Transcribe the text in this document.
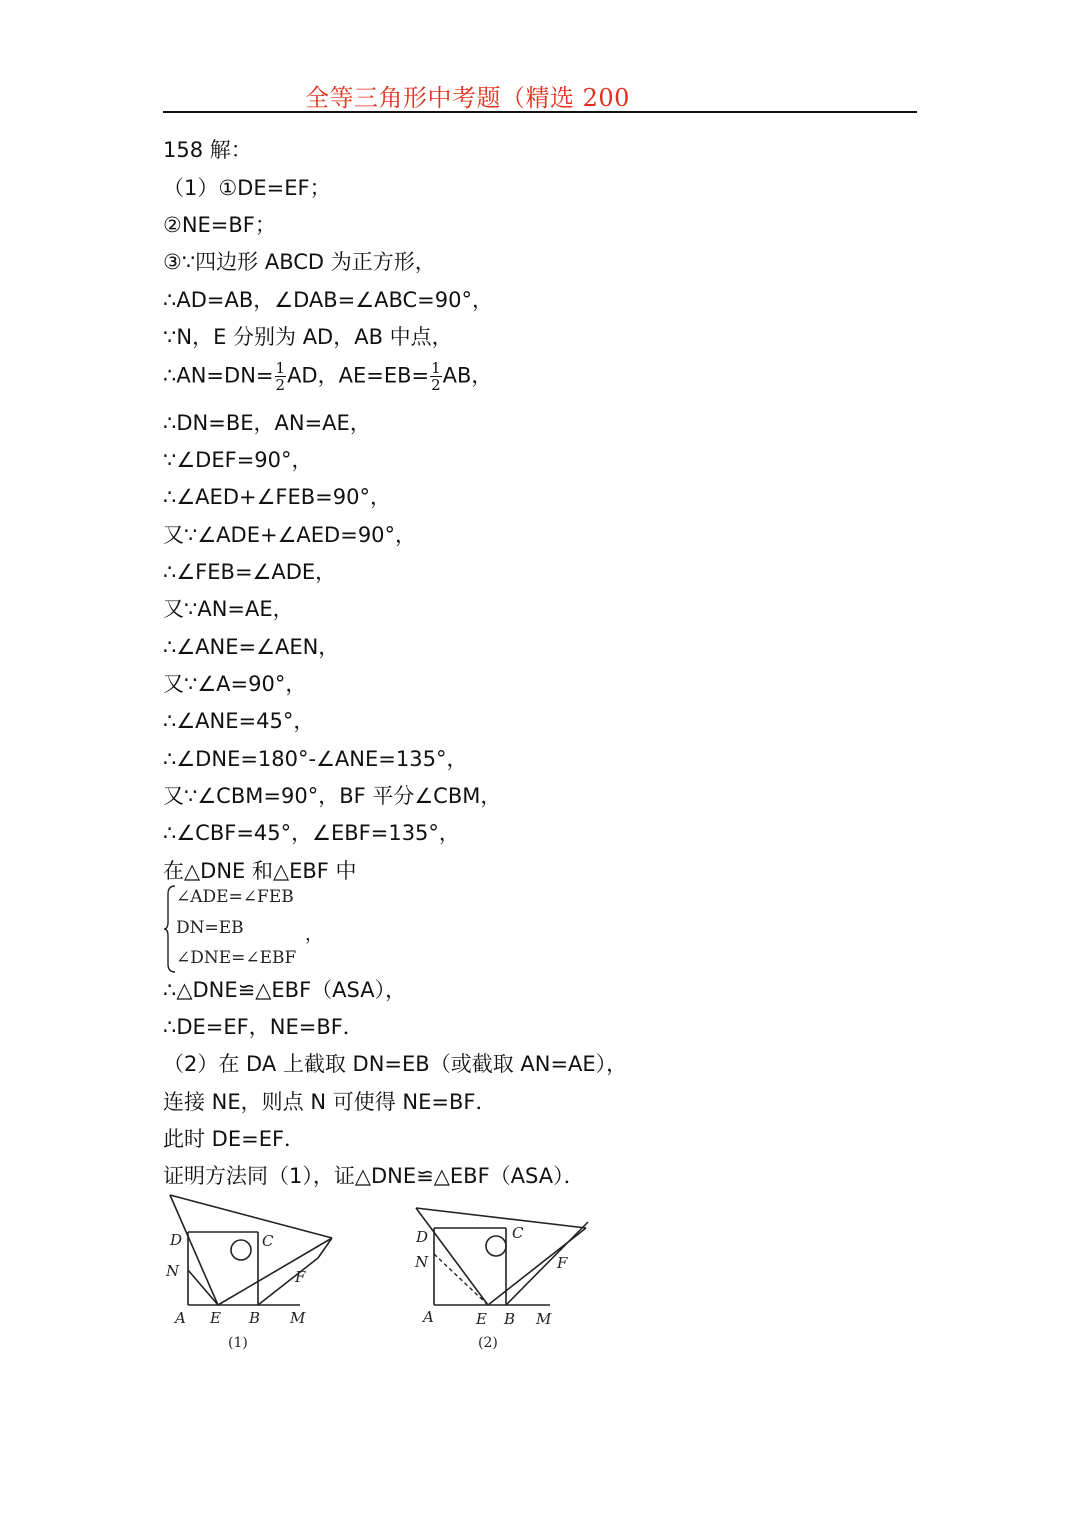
全等三角形中考题（精选 200
158 解：
（1）①DE=EF；
②NE=BF；
③∵四边形 ABCD 为正方形，
∴AD=AB，∠DAB=∠ABC=90°，
∵N，E 分别为 AD，AB 中点，
∴AN=DN= $\frac{1}{2}$ AD，$AE=EB= \frac{1}{2}$ AB，
∴DN=BE，AN=AE，
∵∠DEF=90°，
∴∠AED+∠FEB=90°，
又∵∠ADE+∠AED=90°，
∴∠FEB=∠ADE，
又∵AN=AE，
∴∠ANE=∠AEN，
又∵∠A=90°，
∴∠ANE=45°，
∴∠DNE=180°-∠ANE=135°，
又∵∠CBM=90°，BF 平分∠CBM，
∴∠CBF=45°，∠EBF=135°，
在△DNE 和△EBF 中
∠ADE=∠FEB
DN=EB
∠DNE=∠EBF
，
∴△DNE≌△EBF（ASA），
∴DE=EF，NE=BF．
（2）在 DA 上截取 DN=EB（或截取 AN=AE），
连接 NE，则点 N 可使得 NE=BF．
此时 DE=EF．
证明方法同（1），证△DNE≌△EBF（ASA）．
D	C
N	F
A E B M
(1)
D	C
N	F
A	E B M
(2)
